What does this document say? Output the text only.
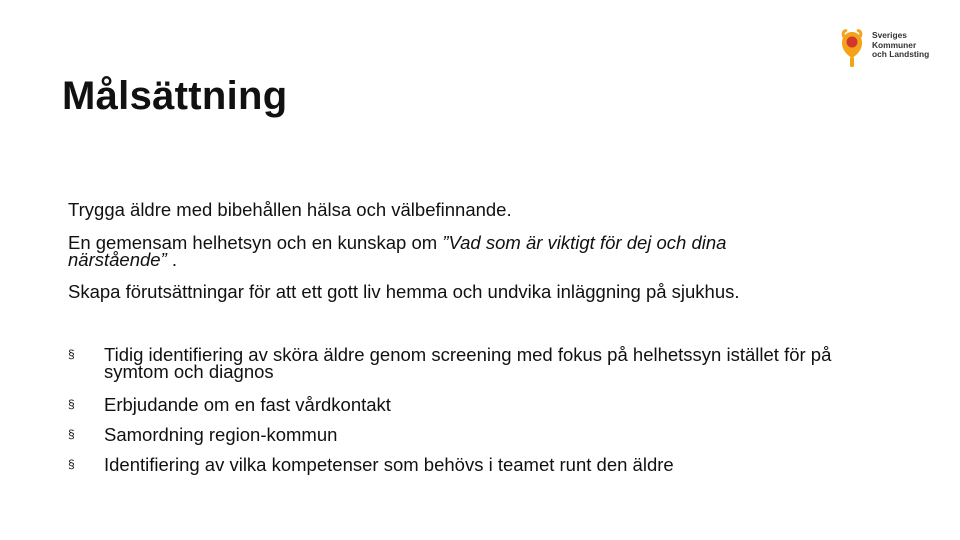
Sveriges
Kommuner
och Landsting
Målsättning

Trygga äldre med bibehållen hälsa och välbefinnande.

En gemensam helhetsyn och en kunskap om ”Vad som är viktigt för dej och dina närstående” .

Skapa förutsättningar för att ett gott liv hemma och undvika inläggning på sjukhus.

§ Tidig identifiering av sköra äldre genom screening med fokus på helhetssyn istället för på symtom och diagnos
§ Erbjudande om en fast vårdkontakt
§ Samordning region-kommun
§ Identifiering av vilka kompetenser som behövs i teamet runt den äldre
